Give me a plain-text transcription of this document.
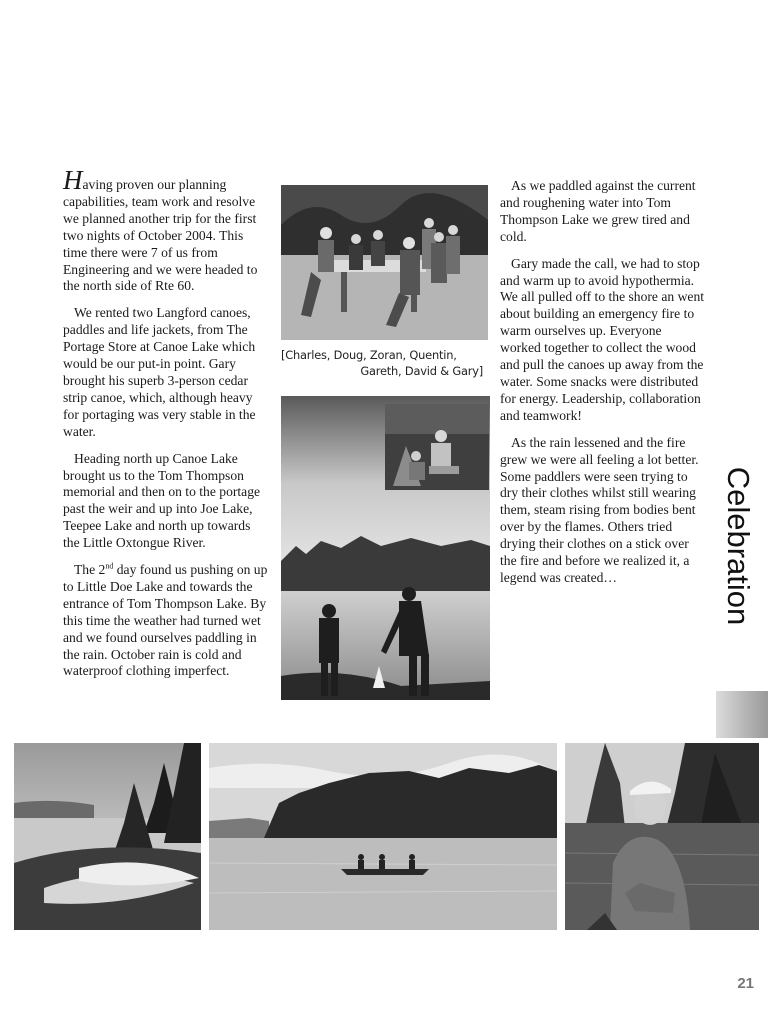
Having proven our planning capabilities, team work and resolve we planned another trip for the first two nights of October 2004. This time there were 7 of us from Engineering and we were headed to the north side of Rte 60.

We rented two Langford canoes, paddles and life jackets, from The Portage Store at Canoe Lake which would be our put-in point. Gary brought his superb 3-person cedar strip canoe, which, although heavy for portaging was very stable in the water.

Heading north up Canoe Lake brought us to the Tom Thompson memorial and then on to the portage past the weir and up into Joe Lake, Teepee Lake and north up towards the Little Oxtongue River.

The 2nd day found us pushing on up to Little Doe Lake and towards the entrance of Tom Thompson Lake. By this time the weather had turned wet and we found ourselves paddling in the rain. October rain is cold and waterproof clothing imperfect.

As we paddled against the current and roughening water into Tom Thompson Lake we grew tired and cold.

Gary made the call, we had to stop and warm up to avoid hypothermia. We all pulled off to the shore an went about building an emergency fire to warm ourselves up. Everyone worked together to collect the wood and pull the canoes up away from the water. Some snacks were distributed for energy. Leadership, collaboration and teamwork!

As the rain lessened and the fire grew we were all feeling a lot better. Some paddlers were seen trying to dry their clothes whilst still wearing them, steam rising from bodies bent over by the flames. Others tried drying their clothes on a stick over the fire and before we realized it, a legend was created…

[Charles, Doug, Zoran, Quentin,
Gareth, David & Gary]
Celebration
21
